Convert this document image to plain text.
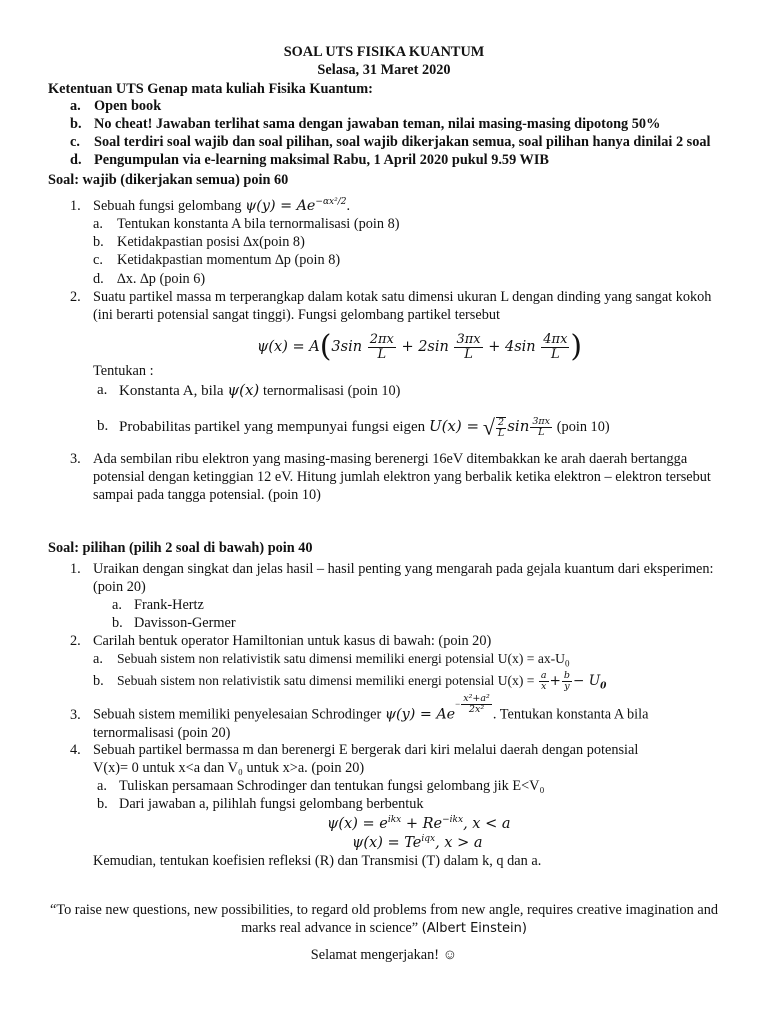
SOAL UTS FISIKA KUANTUM
Selasa, 31 Maret 2020
Ketentuan UTS Genap mata kuliah Fisika Kuantum:
a. Open book
b. No cheat! Jawaban terlihat sama dengan jawaban teman, nilai masing-masing dipotong 50%
c. Soal terdiri soal wajib dan soal pilihan, soal wajib dikerjakan semua, soal pilihan hanya dinilai 2 soal
d. Pengumpulan via e-learning maksimal Rabu, 1 April 2020 pukul 9.59 WIB
Soal: wajib (dikerjakan semua) poin 60
1. Sebuah fungsi gelombang $\psi(y) = Ae^{-\alpha x^2/2}$.
a. Tentukan konstanta A bila ternormalisasi (poin 8)
b. Ketidakpastian posisi ∆x(poin 8)
c. Ketidakpastian momentum ∆p (poin 8)
d. ∆x. ∆p (poin 6)
2. Suatu partikel massa m terperangkap dalam kotak satu dimensi ukuran L dengan dinding yang sangat kokoh
(ini berarti potensial sangat tinggi). Fungsi gelombang partikel tersebut
$\psi(x) = A(3\sin \frac{2\pi x}{L} + 2\sin \frac{3\pi x}{L} + 4\sin \frac{4\pi x}{L}$ )
Tentukan :
a. Konstanta A, bila ψ(x) ternormalisasi (poin 10)
b. Probabilitas partikel yang mempunyai fungsi eigen U(x) = √ $\frac{2}{L}$ $\sin \frac{3\pi x}{L}$ (poin 10)
3. Ada sembilan ribu elektron yang masing-masing berenergi 16eV ditembakkan ke arah daerah bertangga
potensial dengan ketinggian 12 eV. Hitung jumlah elektron yang berbalik ketika elektron – elektron tersebut
sampai pada tangga potensial. (poin 10)
Soal: pilihan (pilih 2 soal di bawah) poin 40
1. Uraikan dengan singkat dan jelas hasil – hasil penting yang mengarah pada gejala kuantum dari eksperimen:
(poin 20)
a. Frank-Hertz
b. Davisson-Germer
2. Carilah bentuk operator Hamiltonian untuk kasus di bawah: (poin 20)
a. Sebuah sistem non relativistik satu dimensi memiliki energi potensial $U(x) = ax-U_0$
b. Sebuah sistem non relativistik satu dimensi memiliki energi potensial $U(x) = \frac{a}{x} + \frac{b}{y} - U_0$
3. Sebuah sistem memiliki penyelesaian Schrodinger $\psi(y) = Ae^{- \frac{\text{x²+a²}}{\text{2x²}}}$ . Tentukan konstanta A bila
ternormalisasi (poin 20)
4. Sebuah partikel bermassa m dan berenergi E bergerak dari kiri melalui daerah dengan potensial
V(x)= 0 untuk x<a dan V₀ untuk x>a. (poin 20)
a. Tuliskan persamaan Schrodinger dan tentukan fungsi gelombang jik E<V₀
b. Dari jawaban a, pilihlah fungsi gelombang berbentuk
$\psi(x) = e^{ikx} + Re^{-ikx}$, x < a
$\psi(x) = Te^{iqx}$, x > a
Kemudian, tentukan koefisien refleksi (R) dan Transmisi (T) dalam k, q dan a.
“To raise new questions, new possibilities, to regard old problems from new angle, requires creative imagination and
marks real advance in science” (Albert Einstein)
Selamat mengerjakan! ☺
